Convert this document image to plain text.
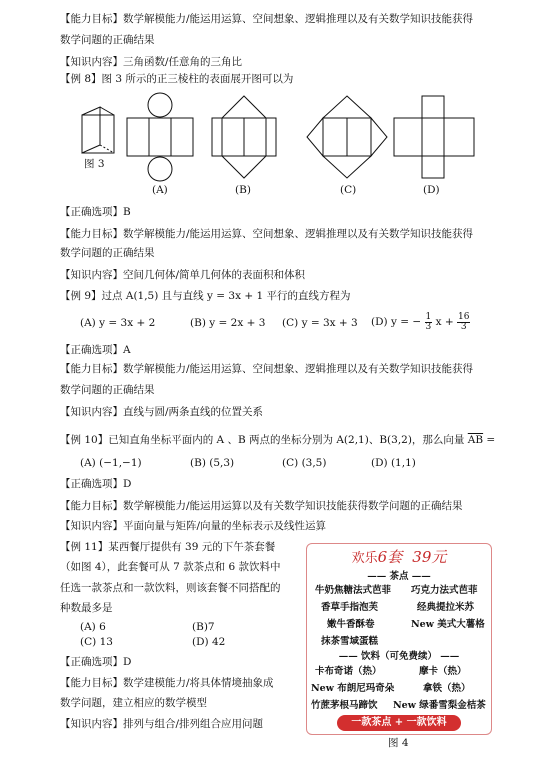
【能力目标】数学解模能力/能运用运算、空间想象、逻辑推理以及有关数学知识技能获得
数学问题的正确结果
【知识内容】三角函数/任意角的三角比
【例 8】图 3 所示的正三棱柱的表面展开图可以为
图 3
(A)	(B)	(C)	(D)
【正确选项】B
【能力目标】数学解模能力/能运用运算、空间想象、逻辑推理以及有关数学知识技能获得
数学问题的正确结果
【知识内容】空间几何体/简单几何体的表面积和体积
【例 9】过点 A(1,5) 且与直线 y = 3x + 1 平行的直线方程为
(A) y = 3x + 2	(B) y = 2x + 3 (C) y = 3x + 3 (D) y = − $\frac{1}{3}$ $x + \frac{16}{3}$
【正确选项】A
【能力目标】数学解模能力/能运用运算、空间想象、逻辑推理以及有关数学知识技能获得
数学问题的正确结果
【知识内容】直线与圆/两条直线的位置关系
【例 10】已知直角坐标平面内的 A 、B 两点的坐标分别为 A(2,1)、B(3,2)，那么向量 $\overline{AB}$ =
(A) (−1,−1)	(B) (5,3)	(C) (3,5)	(D) (1,1)
【正确选项】D
【能力目标】数学解模能力/能运用运算以及有关数学知识技能获得数学问题的正确结果
【知识内容】平面向量与矩阵/向量的坐标表示及线性运算
【例 11】某西餐厅提供有 39 元的下午茶套餐
（如图 4），此套餐可从 7 款茶点和 6 款饮料中
任选一款茶点和一款饮料，则该套餐不同搭配的
种数最多是
(A) 6	(B)7
(C) 13	(D) 42
【正确选项】D
【能力目标】数学建模能力/将具体情境抽象成
数学问题，建立相应的数学模型
【知识内容】排列与组合/排列组合应用问题
欢乐6套 39元
—— 茶点 ——
牛奶焦糖法式芭菲 巧克力法式芭菲
香草手指泡芙	经典提拉米苏
嫩牛香酥卷	New 美式大薯格
抹茶雪域蛋糕
—— 饮料（可免费续） ——
卡布奇诺（热）	摩卡（热）
New 布朗尼玛奇朵	拿铁（热）
竹蔗茅根马蹄饮 New 绿番雪梨金桔茶
一款茶点 + 一款饮料
图 4
